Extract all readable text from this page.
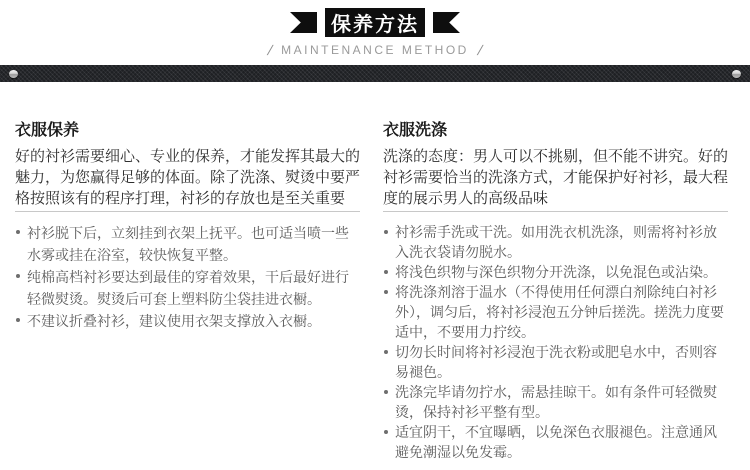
保养方法
/ MAINTENANCE METHOD /
衣服保养

好的衬衫需要细心、专业的保养，才能发挥其最大的魅力，为您赢得足够的体面。除了洗涤、熨烫中要严格按照该有的程序打理，衬衫的存放也是至关重要

衬衫脱下后，立刻挂到衣架上抚平。也可适当喷一些水雾或挂在浴室，较快恢复平整。
纯棉高档衬衫要达到最佳的穿着效果，干后最好进行轻微熨烫。熨烫后可套上塑料防尘袋挂进衣橱。
不建议折叠衬衫，建议使用衣架支撑放入衣橱。
衣服洗涤

洗涤的态度：男人可以不挑剔，但不能不讲究。好的衬衫需要恰当的洗涤方式，才能保护好衬衫，最大程度的展示男人的高级品味

衬衫需手洗或干洗。如用洗衣机洗涤，则需将衬衫放入洗衣袋请勿脱水。
将浅色织物与深色织物分开洗涤，以免混色或沾染。
将洗涤剂溶于温水（不得使用任何漂白剂除纯白衬衫外），调匀后，将衬衫浸泡五分钟后搓洗。搓洗力度要适中，不要用力拧绞。
切勿长时间将衬衫浸泡于洗衣粉或肥皂水中，否则容易褪色。
洗涤完毕请勿拧水，需悬挂晾干。如有条件可轻微熨烫，保持衬衫平整有型。
适宜阴干，不宜曝晒，以免深色衣服褪色。注意通风避免潮湿以免发霉。
